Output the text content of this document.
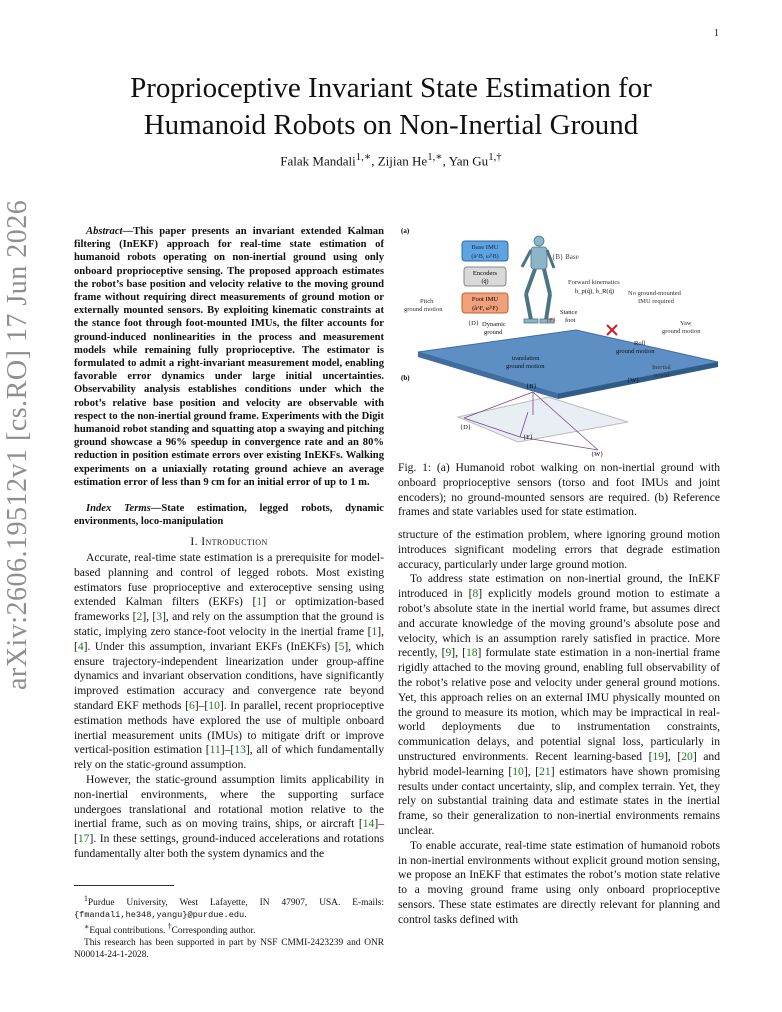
1
arXiv:2606.19512v1 [cs.RO] 17 Jun 2026
Proprioceptive Invariant State Estimation for
Humanoid Robots on Non-Inertial Ground
Falak Mandali$^{1,∗}$, Zijian $He^{1,∗}$, Yan $Gu^{1,\dagger}$

Abstract—This paper presents an invariant extended Kalman filtering (InEKF) approach for real-time state estimation of humanoid robots operating on non-inertial ground using only onboard proprioceptive sensing. The proposed approach estimates the robot’s base position and velocity relative to the moving ground frame without requiring direct measurements of ground motion or externally mounted sensors. By exploiting kinematic constraints at the stance foot through foot-mounted IMUs, the filter accounts for ground-induced nonlinearities in the process and measurement models while remaining fully proprioceptive. The estimator is formulated to admit a right-invariant measurement model, enabling favorable error dynamics under large initial uncertainties. Observability analysis establishes conditions under which the robot’s relative base position and velocity are observable with respect to the non-inertial ground frame. Experiments with the Digit humanoid robot standing and squatting atop a swaying and pitching ground showcase a 96% speedup in convergence rate and an 80% reduction in position estimate errors over existing InEKFs. Walking experiments on a uniaxially rotating ground achieve an average estimation error of less than 9 cm for an initial error of up to 1 m.

Index Terms—State estimation, legged robots, dynamic environments, loco-manipulation

I. Introduction

Accurate, real-time state estimation is a prerequisite for model-based planning and control of legged robots. Most existing estimators fuse proprioceptive and exteroceptive sensing using extended Kalman filters (EKFs) [1] or optimization-based frameworks [2], [3], and rely on the assumption that the ground is static, implying zero stance-foot velocity in the inertial frame [1], [4]. Under this assumption, invariant EKFs (InEKFs) [5], which ensure trajectory-independent linearization under group-affine dynamics and invariant observation conditions, have significantly improved estimation accuracy and convergence rate beyond standard EKF methods [6]–[10]. In parallel, recent proprioceptive estimation methods have explored the use of multiple onboard inertial measurement units (IMUs) to mitigate drift or improve vertical-position estimation [11]–[13], all of which fundamentally rely on the static-ground assumption.

However, the static-ground assumption limits applicability in non-inertial environments, where the supporting surface undergoes translational and rotational motion relative to the inertial frame, such as on moving trains, ships, or aircraft [14]–[17]. In these settings, ground-induced accelerations and rotations fundamentally alter both the system dynamics and the

$^1$Purdue University, West Lafayette, IN 47907, USA. E-mails: {fmandali,he348,yangu}@purdue.edu.
∗Equal contributions. †Corresponding author.
This research has been supported in part by NSF CMMI-2423239 and ONR N00014-24-1-2028.
(a)
{B} Base
Base IMU
(ã^B, ω̃^B)
Encoders
(q̃)
Foot IMU
(ã^F, ω̃^F)
Forward kinematics
h_p(q̃), h_R(q̃) No ground-mounted
IMU required
Stance
foot
{F}
Pitch
ground motion
{D} Dynamic
ground
Yaw
ground motion
Roll
ground motion
translation
ground motion	Inertial
world
{W}
(b)
{D}
{B}
{F}
{W}
Fig. 1: (a) Humanoid robot walking on non-inertial ground with onboard proprioceptive sensors (torso and foot IMUs and joint encoders); no ground-mounted sensors are required. (b) Reference frames and state variables used for state estimation.

structure of the estimation problem, where ignoring ground motion introduces significant modeling errors that degrade estimation accuracy, particularly under large ground motion.

To address state estimation on non-inertial ground, the InEKF introduced in [8] explicitly models ground motion to estimate a robot’s absolute state in the inertial world frame, but assumes direct and accurate knowledge of the moving ground’s absolute pose and velocity, which is an assumption rarely satisfied in practice. More recently, [9], [18] formulate state estimation in a non-inertial frame rigidly attached to the moving ground, enabling full observability of the robot’s relative pose and velocity under general ground motions. Yet, this approach relies on an external IMU physically mounted on the ground to measure its motion, which may be impractical in real-world deployments due to instrumentation constraints, communication delays, and potential signal loss, particularly in unstructured environments. Recent learning-based [19], [20] and hybrid model-learning [10], [21] estimators have shown promising results under contact uncertainty, slip, and complex terrain. Yet, they rely on substantial training data and estimate states in the inertial frame, so their generalization to non-inertial environments remains unclear.

To enable accurate, real-time state estimation of humanoid robots in non-inertial environments without explicit ground motion sensing, we propose an InEKF that estimates the robot’s motion state relative to a moving ground frame using only onboard proprioceptive sensors. These state estimates are directly relevant for planning and control tasks defined with
